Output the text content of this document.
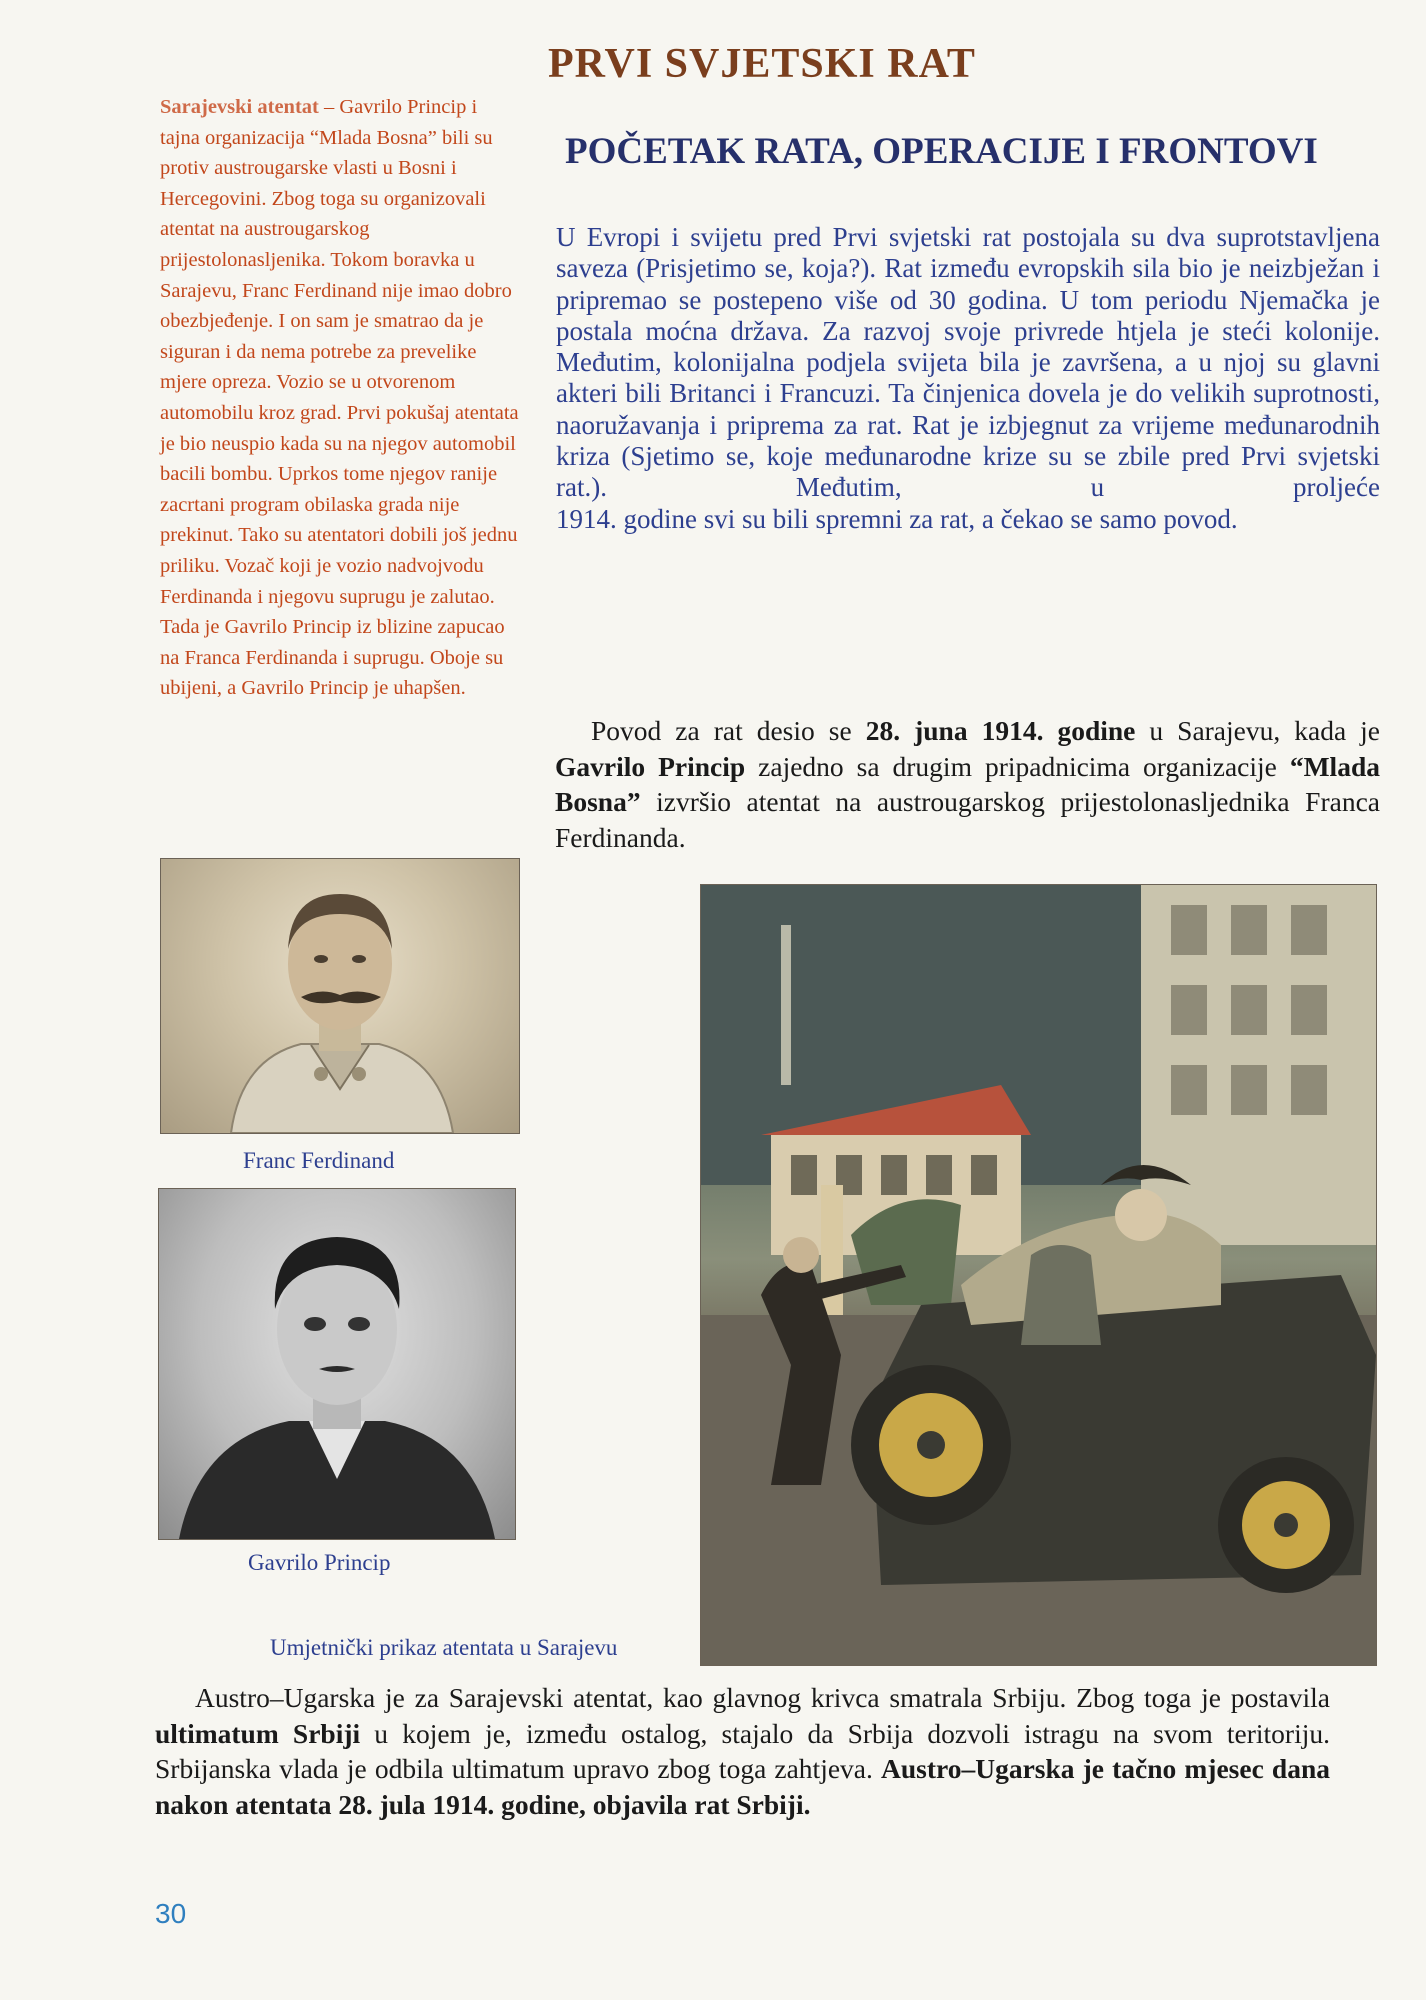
PRVI SVJETSKI RAT
POČETAK RATA, OPERACIJE I FRONTOVI
Sarajevski atentat – Gavrilo Princip i tajna organizacija “Mlada Bosna” bili su protiv austrougarske vlasti u Bosni i Hercegovini. Zbog toga su organizovali atentat na austrougarskog prijestolonasljenika. Tokom boravka u Sarajevu, Franc Ferdinand nije imao dobro obezbjeđenje. I on sam je smatrao da je siguran i da nema potrebe za prevelike mjere opreza. Vozio se u otvorenom automobilu kroz grad. Prvi pokušaj atentata je bio neuspio kada su na njegov automobil bacili bombu. Uprkos tome njegov ranije zacrtani program obilaska grada nije prekinut. Tako su atentatori dobili još jednu priliku. Vozač koji je vozio nadvojvodu Ferdinanda i njegovu suprugu je zalutao. Tada je Gavrilo Princip iz blizine zapucao na Franca Ferdinanda i suprugu. Oboje su ubijeni, a Gavrilo Princip je uhapšen.
U Evropi i svijetu pred Prvi svjetski rat postojala su dva suprotstavljena saveza (Prisjetimo se, koja?). Rat između evropskih sila bio je neizbježan i pripremao se postepeno više od 30 godina. U tom periodu Njemačka je postala moćna država. Za razvoj svoje privrede htjela je steći kolonije. Međutim, kolonijalna podjela svijeta bila je završena, a u njoj su glavni akteri bili Britanci i Francuzi. Ta činjenica dovela je do velikih suprotnosti, naoružavanja i priprema za rat. Rat je izbjegnut za vrijeme međunarodnih kriza (Sjetimo se, koje međunarodne krize su se zbile pred Prvi svjetski rat.). Međutim, u proljeće
1914. godine svi su bili spremni za rat, a čekao se samo povod.
Povod za rat desio se 28. juna 1914. godine u Sarajevu, kada je Gavrilo Princip zajedno sa drugim pripadnicima organizacije “Mlada Bosna” izvršio atentat na austrougarskog prijestolonasljednika Franca Ferdinanda.
Franc Ferdinand
Gavrilo Princip
Umjetnički prikaz atentata u Sarajevu
Austro–Ugarska je za Sarajevski atentat, kao glavnog krivca smatrala Srbiju. Zbog toga je postavila ultimatum Srbiji u kojem je, između ostalog, stajalo da Srbija dozvoli istragu na svom teritoriju. Srbijanska vlada je odbila ultimatum upravo zbog toga zahtjeva. Austro–Ugarska je tačno mjesec dana nakon atentata 28. jula 1914. godine, objavila rat Srbiji.
30
